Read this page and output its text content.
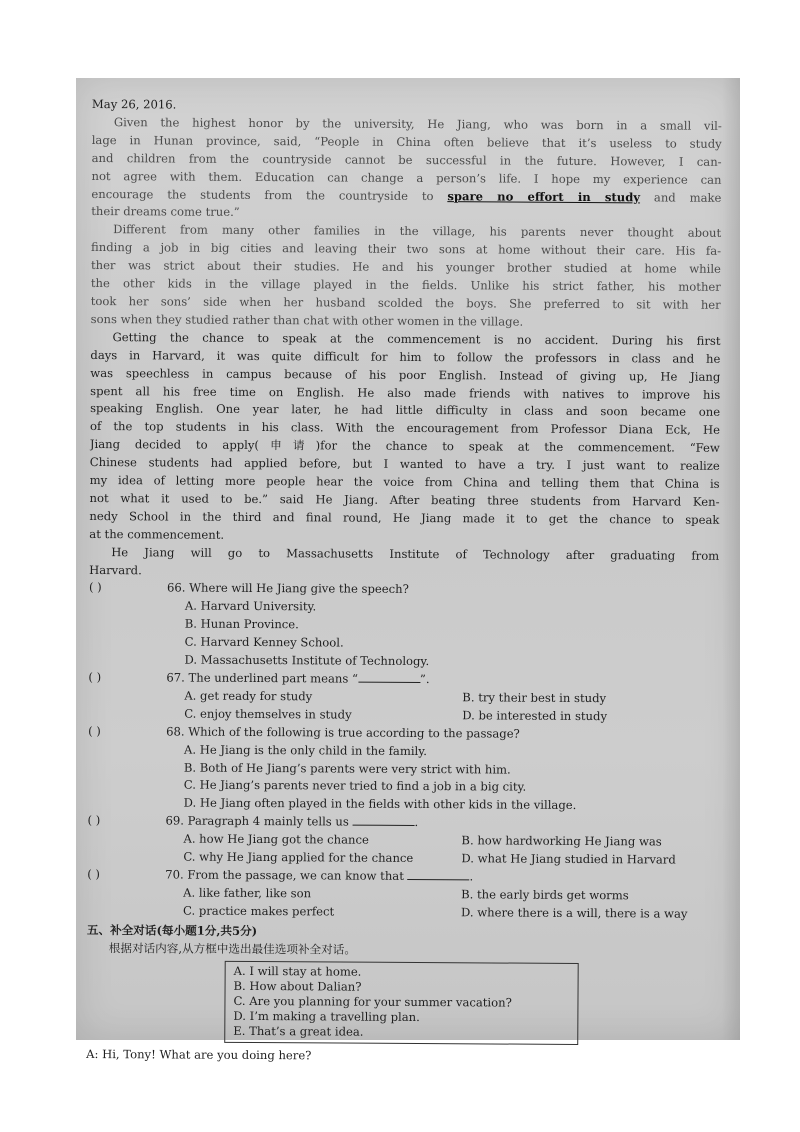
May 26, 2016.
Given the highest honor by the university, He Jiang, who was born in a small vil-
lage in Hunan province, said, “People in China often believe that it’s useless to study
and children from the countryside cannot be successful in the future. However, I can-
not agree with them. Education can change a person’s life. I hope my experience can
encourage the students from the countryside to spare no effort in study and make
their dreams come true.”
Different from many other families in the village, his parents never thought about
finding a job in big cities and leaving their two sons at home without their care. His fa-
ther was strict about their studies. He and his younger brother studied at home while
the other kids in the village played in the fields. Unlike his strict father, his mother
took her sons’ side when her husband scolded the boys. She preferred to sit with her
sons when they studied rather than chat with other women in the village.
Getting the chance to speak at the commencement is no accident. During his first
days in Harvard, it was quite difficult for him to follow the professors in class and he
was speechless in campus because of his poor English. Instead of giving up, He Jiang
spent all his free time on English. He also made friends with natives to improve his
speaking English. One year later, he had little difficulty in class and soon became one
of the top students in his class. With the encouragement from Professor Diana Eck, He
Jiang decided to apply(申请)for the chance to speak at the commencement. “Few
Chinese students had applied before, but I wanted to have a try. I just want to realize
my idea of letting more people hear the voice from China and telling them that China is
not what it used to be.” said He Jiang. After beating three students from Harvard Ken-
nedy School in the third and final round, He Jiang made it to get the chance to speak
at the commencement.
He Jiang will go to Massachusetts Institute of Technology after graduating from
Harvard.
( )	66. Where will He Jiang give the speech?
A. Harvard University.
B. Hunan Province.
C. Harvard Kenney School.
D. Massachusetts Institute of Technology.
( )	67. The underlined part means “	”.
A. get ready for study	B. try their best in study
C. enjoy themselves in study	D. be interested in study
( )	68. Which of the following is true according to the passage?
A. He Jiang is the only child in the family.
B. Both of He Jiang’s parents were very strict with him.
C. He Jiang’s parents never tried to find a job in a big city.
D. He Jiang often played in the fields with other kids in the village.
( )	69. Paragraph 4 mainly tells us	.
A. how He Jiang got the chance	B. how hardworking He Jiang was
C. why He Jiang applied for the chance	D. what He Jiang studied in Harvard
( )	70. From the passage, we can know that	.
A. like father, like son	B. the early birds get worms
C. practice makes perfect	D. where there is a will, there is a way
五、补全对话(每小题1分,共5分)
根据对话内容,从方框中选出最佳选项补全对话。
A. I will stay at home.
B. How about Dalian?
C. Are you planning for your summer vacation?
D. I’m making a travelling plan.
E. That’s a great idea.
A: Hi, Tony! What are you doing here?
